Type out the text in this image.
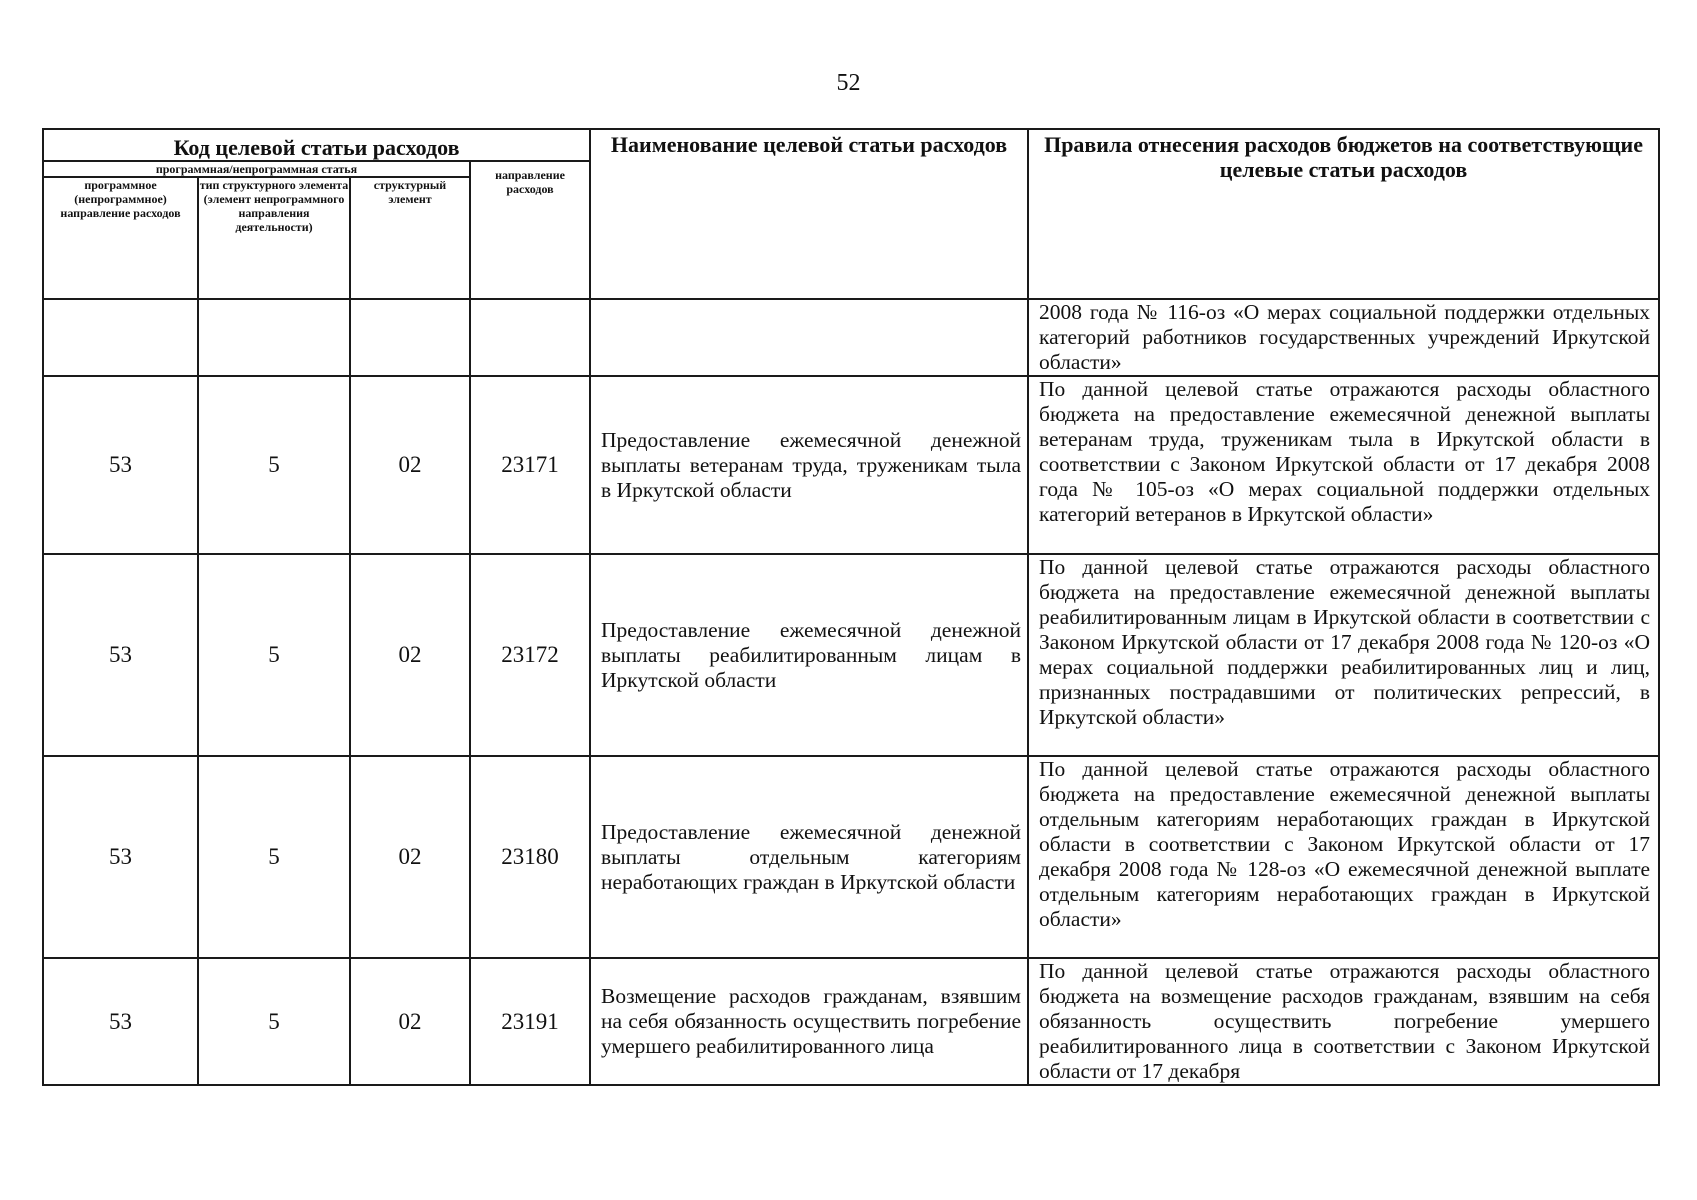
52
Код целевой статьи расходов				Наименование целевой статьи расходов	Правила отнесения расходов бюджетов на соответствующие целевые статьи расходов
программная/непрограммная статья			направление расходов		
программное (непрограммное) направление расходов	тип структурного элемента (элемент непрограммного направления деятельности)	структурный элемент			
					2008 года № 116-оз «О мерах социальной поддержки отдельных категорий работников государственных учреждений Иркутской области»
53	5	02	23171	Предоставление ежемесячной денежной выплаты ветеранам труда, труженикам тыла в Иркутской области	По данной целевой статье отражаются расходы областного бюджета на предоставление ежемесячной денежной выплаты ветеранам труда, труженикам тыла в Иркутской области в соответствии с Законом Иркутской области от 17 декабря 2008 года № 105-оз «О мерах социальной поддержки отдельных категорий ветеранов в Иркутской области»
53	5	02	23172	Предоставление ежемесячной денежной выплаты реабилитированным лицам в Иркутской области	По данной целевой статье отражаются расходы областного бюджета на предоставление ежемесячной денежной выплаты реабилитированным лицам в Иркутской области в соответствии с Законом Иркутской области от 17 декабря 2008 года № 120-оз «О мерах социальной поддержки реабилитированных лиц и лиц, признанных пострадавшими от политических репрессий, в Иркутской области»
53	5	02	23180	Предоставление ежемесячной денежной выплаты отдельным категориям неработающих граждан в Иркутской области	По данной целевой статье отражаются расходы областного бюджета на предоставление ежемесячной денежной выплаты отдельным категориям неработающих граждан в Иркутской области в соответствии с Законом Иркутской области от 17 декабря 2008 года № 128-оз «О ежемесячной денежной выплате отдельным категориям неработающих граждан в Иркутской области»
53	5	02	23191	Возмещение расходов гражданам, взявшим на себя обязанность осуществить погребение умершего реабилитированного лица	По данной целевой статье отражаются расходы областного бюджета на возмещение расходов гражданам, взявшим на себя обязанность осуществить погребение умершего реабилитированного лица в соответствии с Законом Иркутской области от 17 декабря
